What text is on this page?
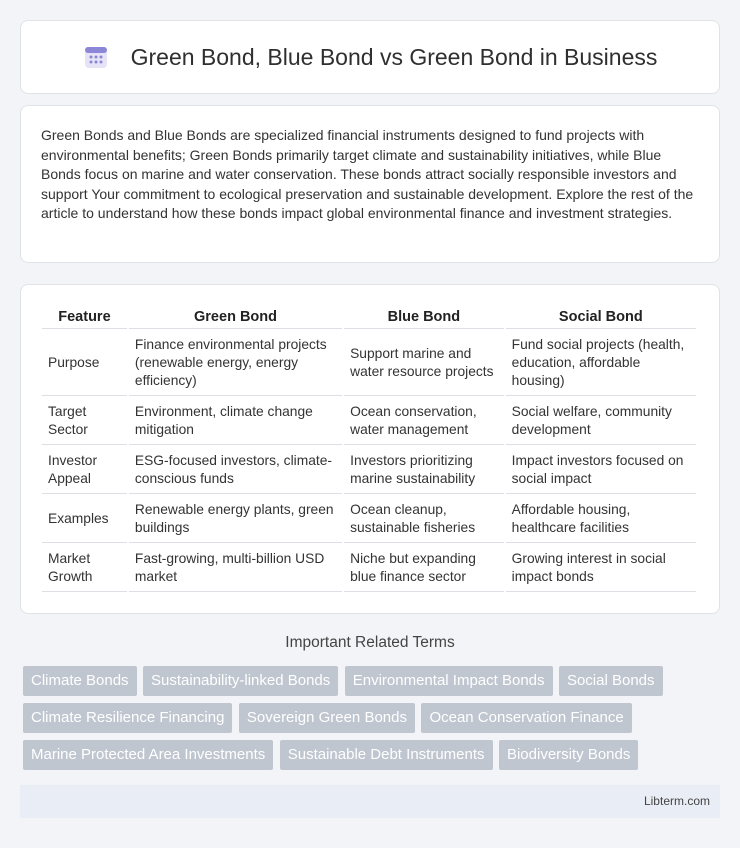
Green Bond, Blue Bond vs Green Bond in Business

Green Bonds and Blue Bonds are specialized financial instruments designed to fund projects with environmental benefits; Green Bonds primarily target climate and sustainability initiatives, while Blue Bonds focus on marine and water conservation. These bonds attract socially responsible investors and support Your commitment to ecological preservation and sustainable development. Explore the rest of the article to understand how these bonds impact global environmental finance and investment strategies.

Feature	Green Bond	Blue Bond	Social Bond
Purpose	Finance environmental projects (renewable energy, energy efficiency)	Support marine and water resource projects	Fund social projects (health, education, affordable housing)
Target Sector	Environment, climate change mitigation	Ocean conservation, water management	Social welfare, community development
Investor Appeal	ESG-focused investors, climate-conscious funds	Investors prioritizing marine sustainability	Impact investors focused on social impact
Examples	Renewable energy plants, green buildings	Ocean cleanup, sustainable fisheries	Affordable housing, healthcare facilities
Market Growth	Fast-growing, multi-billion USD market	Niche but expanding blue finance sector	Growing interest in social impact bonds
Important Related Terms
Climate Bonds Sustainability-linked Bonds Environmental Impact Bonds Social Bonds Climate Resilience Financing Sovereign Green Bonds Ocean Conservation Finance Marine Protected Area Investments Sustainable Debt Instruments Biodiversity Bonds
Libterm.com
